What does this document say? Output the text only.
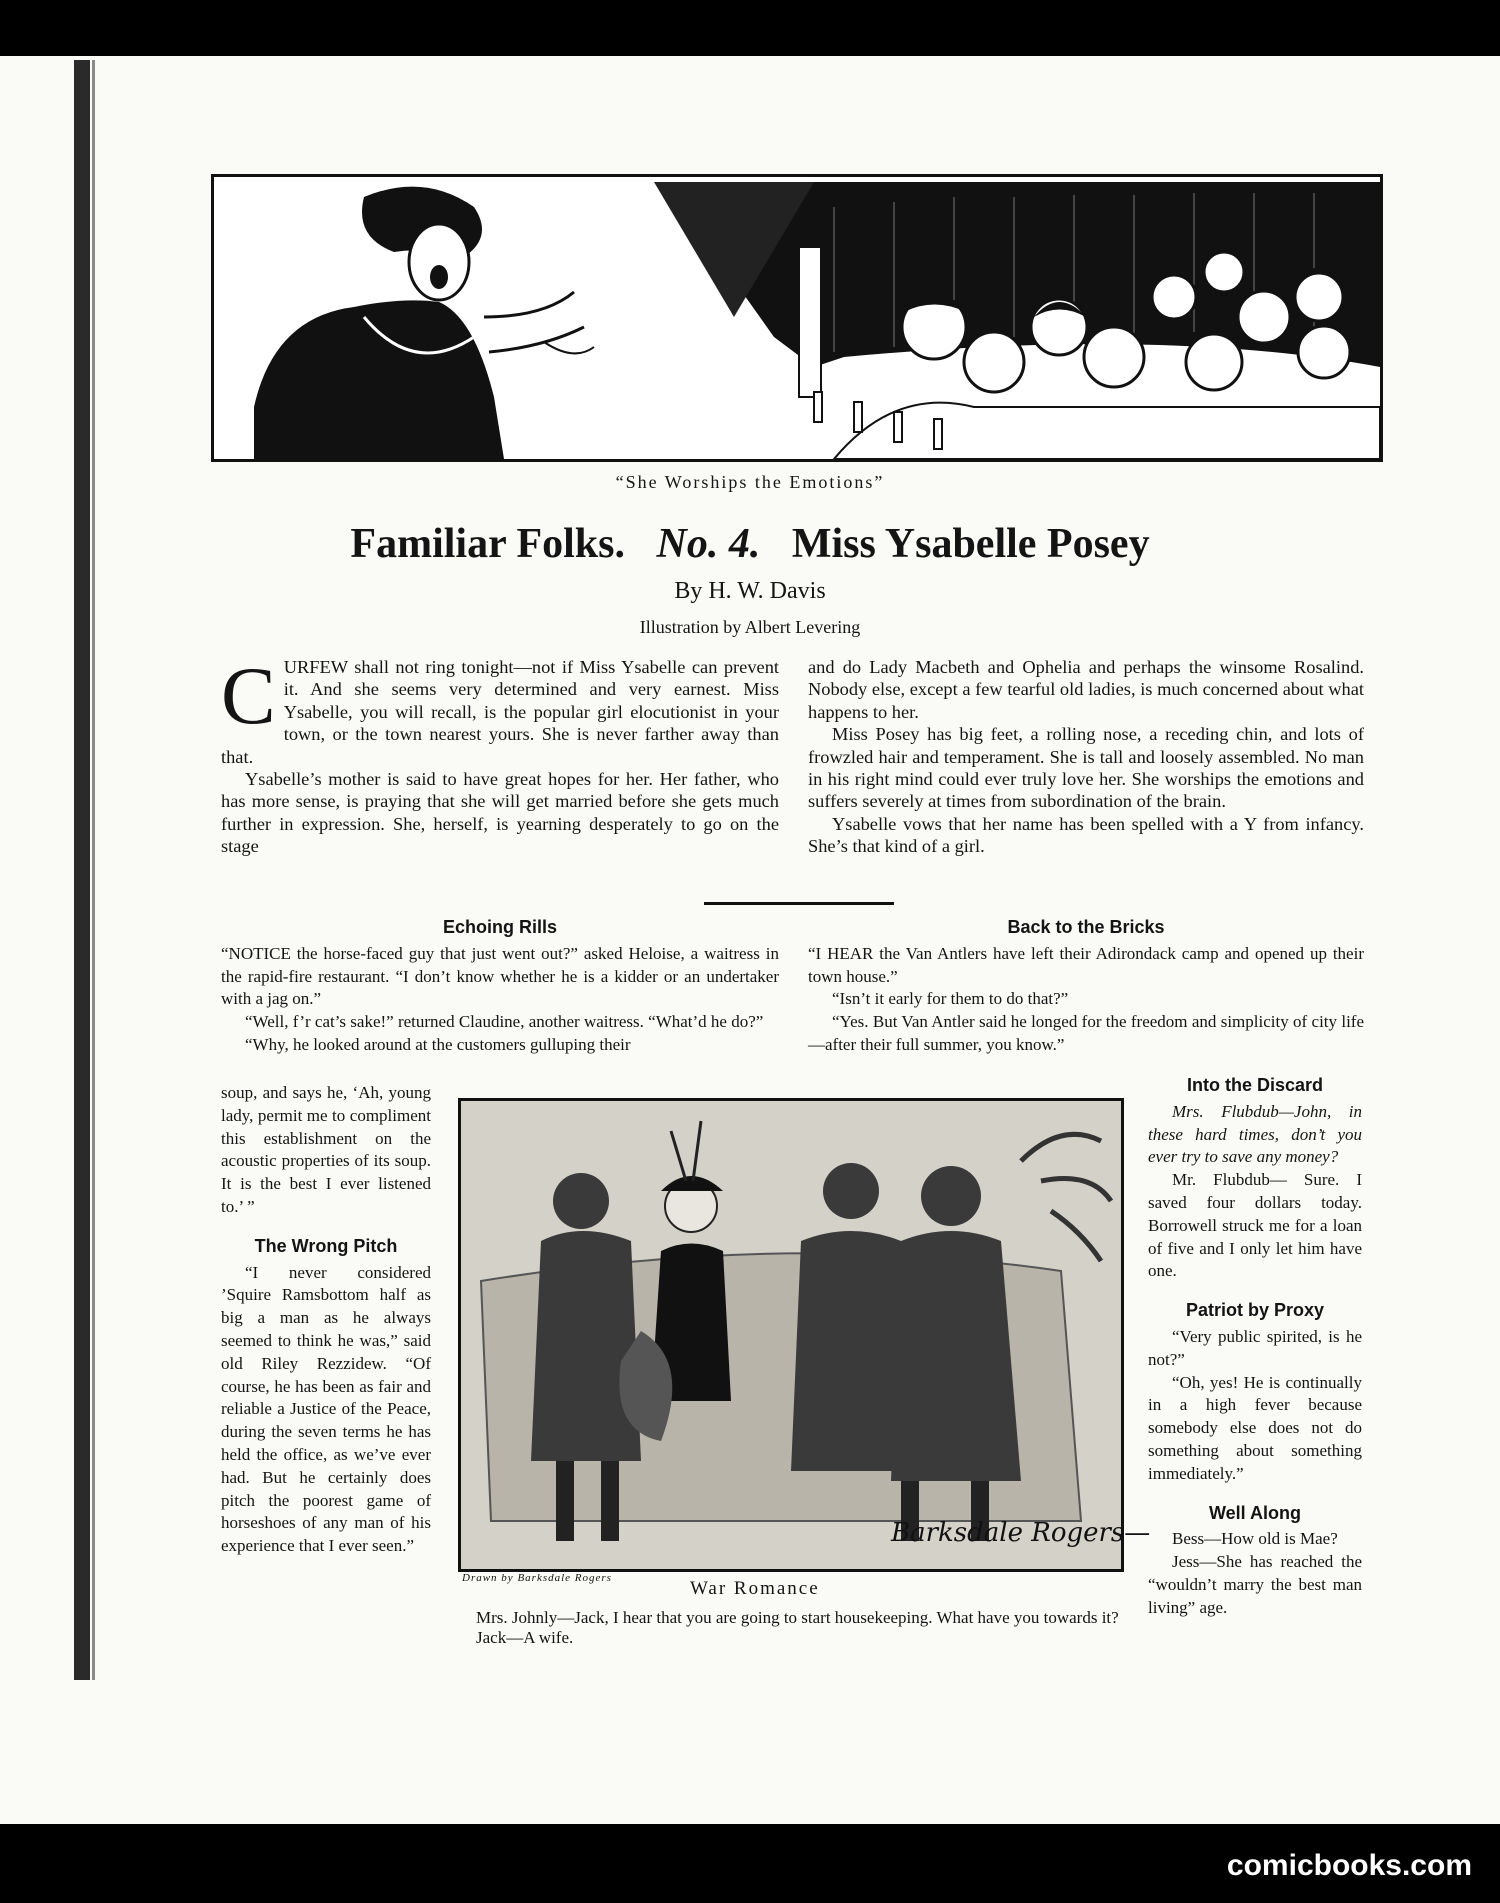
“She Worships the Emotions”
Familiar Folks. No. 4. Miss Ysabelle Posey
By H. W. Davis
Illustration by Albert Levering

CURFEW shall not ring tonight—not if Miss Ysabelle can prevent it. And she seems very determined and very earnest. Miss Ysabelle, you will recall, is the popular girl elocutionist in your town, or the town nearest yours. She is never farther away than that.

Ysabelle’s mother is said to have great hopes for her. Her father, who has more sense, is praying that she will get married before she gets much further in expression. She, herself, is yearning desperately to go on the stage

and do Lady Macbeth and Ophelia and perhaps the winsome Rosalind. Nobody else, except a few tearful old ladies, is much concerned about what happens to her.

Miss Posey has big feet, a rolling nose, a receding chin, and lots of frowzled hair and temperament. She is tall and loosely assembled. No man in his right mind could ever truly love her. She worships the emotions and suffers severely at times from subordination of the brain.

Ysabelle vows that her name has been spelled with a Y from infancy. She’s that kind of a girl.

Echoing Rills

“NOTICE the horse-faced guy that just went out?” asked Heloise, a waitress in the rapid-fire restaurant. “I don’t know whether he is a kidder or an undertaker with a jag on.”

“Well, f’r cat’s sake!” returned Claudine, another waitress. “What’d he do?”

“Why, he looked around at the customers gulluping their

soup, and says he, ‘Ah, young lady, permit me to compliment this establishment on the acoustic properties of its soup. It is the best I ever listened to.’ ”

The Wrong Pitch

“I never considered ’Squire Ramsbottom half as big a man as he always seemed to think he was,” said old Riley Rezzidew. “Of course, he has been as fair and reliable a Justice of the Peace, during the seven terms he has held the office, as we’ve ever had. But he certainly does pitch the poorest game of horseshoes of any man of his experience that I ever seen.”

Back to the Bricks

“I HEAR the Van Antlers have left their Adirondack camp and opened up their town house.”

“Isn’t it early for them to do that?”

“Yes. But Van Antler said he longed for the freedom and simplicity of city life—after their full summer, you know.”

Into the Discard

Mrs. Flubdub—John, in these hard times, don’t you ever try to save any money?

Mr. Flubdub— Sure. I saved four dollars today. Borrowell struck me for a loan of five and I only let him have one.

Patriot by Proxy

“Very public spirited, is he not?”

“Oh, yes! He is continually in a high fever because somebody else does not do something about something immediately.”

Well Along

Bess—How old is Mae?

Jess—She has reached the “wouldn’t marry the best man living” age.

Barksdale Rogers—
Drawn by Barksdale Rogers	War Romance
Mrs. Johnly—Jack, I hear that you are going to start housekeeping. What have you towards it?
Jack—A wife.
comicbooks.com
